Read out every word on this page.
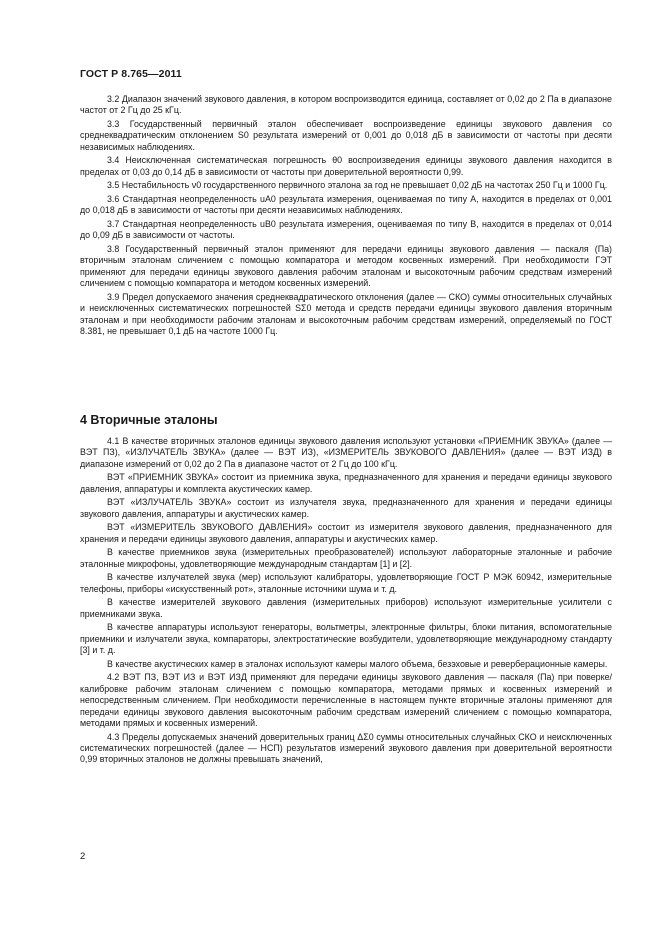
ГОСТ Р 8.765—2011

3.2 Диапазон значений звукового давления, в котором воспроизводится единица, составляет от 0,02 до 2 Па в диапазоне частот от 2 Гц до 25 кГц.

3.3 Государственный первичный эталон обеспечивает воспроизведение единицы звукового давления со среднеквадратическим отклонением S0 результата измерений от 0,001 до 0,018 дБ в зависимости от частоты при десяти независимых наблюдениях.

3.4 Неисключенная систематическая погрешность θ0 воспроизведения единицы звукового давления находится в пределах от 0,03 до 0,14 дБ в зависимости от частоты при доверительной вероятности 0,99.

3.5 Нестабильность ν0 государственного первичного эталона за год не превышает 0,02 дБ на частотах 250 Гц и 1000 Гц.

3.6 Стандартная неопределенность uA0 результата измерения, оцениваемая по типу А, находится в пределах от 0,001 до 0,018 дБ в зависимости от частоты при десяти независимых наблюдениях.

3.7 Стандартная неопределенность uB0 результата измерения, оцениваемая по типу В, находится в пределах от 0,014 до 0,09 дБ в зависимости от частоты.

3.8 Государственный первичный эталон применяют для передачи единицы звукового давления — паскаля (Па) вторичным эталонам сличением с помощью компаратора и методом косвенных измерений. При необходимости ГЭТ применяют для передачи единицы звукового давления рабочим эталонам и высокоточным рабочим средствам измерений сличением с помощью компаратора и методом косвенных измерений.

3.9 Предел допускаемого значения среднеквадратического отклонения (далее — СКО) суммы относительных случайных и неисключенных систематических погрешностей SΣ0 метода и средств передачи единицы звукового давления вторичным эталонам и при необходимости рабочим эталонам и высокоточным рабочим средствам измерений, определяемый по ГОСТ 8.381, не превышает 0,1 дБ на частоте 1000 Гц.

4 Вторичные эталоны

4.1 В качестве вторичных эталонов единицы звукового давления используют установки «ПРИЕМНИК ЗВУКА» (далее — ВЭТ ПЗ), «ИЗЛУЧАТЕЛЬ ЗВУКА» (далее — ВЭТ ИЗ), «ИЗМЕРИТЕЛЬ ЗВУКОВОГО ДАВЛЕНИЯ» (далее — ВЭТ ИЗД) в диапазоне измерений от 0,02 до 2 Па в диапазоне частот от 2 Гц до 100 кГц.

ВЭТ «ПРИЕМНИК ЗВУКА» состоит из приемника звука, предназначенного для хранения и передачи единицы звукового давления, аппаратуры и комплекта акустических камер.

ВЭТ «ИЗЛУЧАТЕЛЬ ЗВУКА» состоит из излучателя звука, предназначенного для хранения и передачи единицы звукового давления, аппаратуры и акустических камер.

ВЭТ «ИЗМЕРИТЕЛЬ ЗВУКОВОГО ДАВЛЕНИЯ» состоит из измерителя звукового давления, предназначенного для хранения и передачи единицы звукового давления, аппаратуры и акустических камер.

В качестве приемников звука (измерительных преобразователей) используют лабораторные эталонные и рабочие эталонные микрофоны, удовлетворяющие международным стандартам [1] и [2].

В качестве излучателей звука (мер) используют калибраторы, удовлетворяющие ГОСТ Р МЭК 60942, измерительные телефоны, приборы «искусственный рот», эталонные источники шума и т. д.

В качестве измерителей звукового давления (измерительных приборов) используют измерительные усилители с приемниками звука.

В качестве аппаратуры используют генераторы, вольтметры, электронные фильтры, блоки питания, вспомогательные приемники и излучатели звука, компараторы, электростатические возбудители, удовлетворяющие международному стандарту [3] и т. д.

В качестве акустических камер в эталонах используют камеры малого объема, безэховые и реверберационные камеры.

4.2 ВЭТ ПЗ, ВЭТ ИЗ и ВЭТ ИЗД применяют для передачи единицы звукового давления — паскаля (Па) при поверке/калибровке рабочим эталонам сличением с помощью компаратора, методами прямых и косвенных измерений и непосредственным сличением. При необходимости перечисленные в настоящем пункте вторичные эталоны применяют для передачи единицы звукового давления высокоточным рабочим средствам измерений сличением с помощью компаратора, методами прямых и косвенных измерений.

4.3 Пределы допускаемых значений доверительных границ ΔΣ0 суммы относительных случайных СКО и неисключенных систематических погрешностей (далее — НСП) результатов измерений звукового давления при доверительной вероятности 0,99 вторичных эталонов не должны превышать значений,

2
